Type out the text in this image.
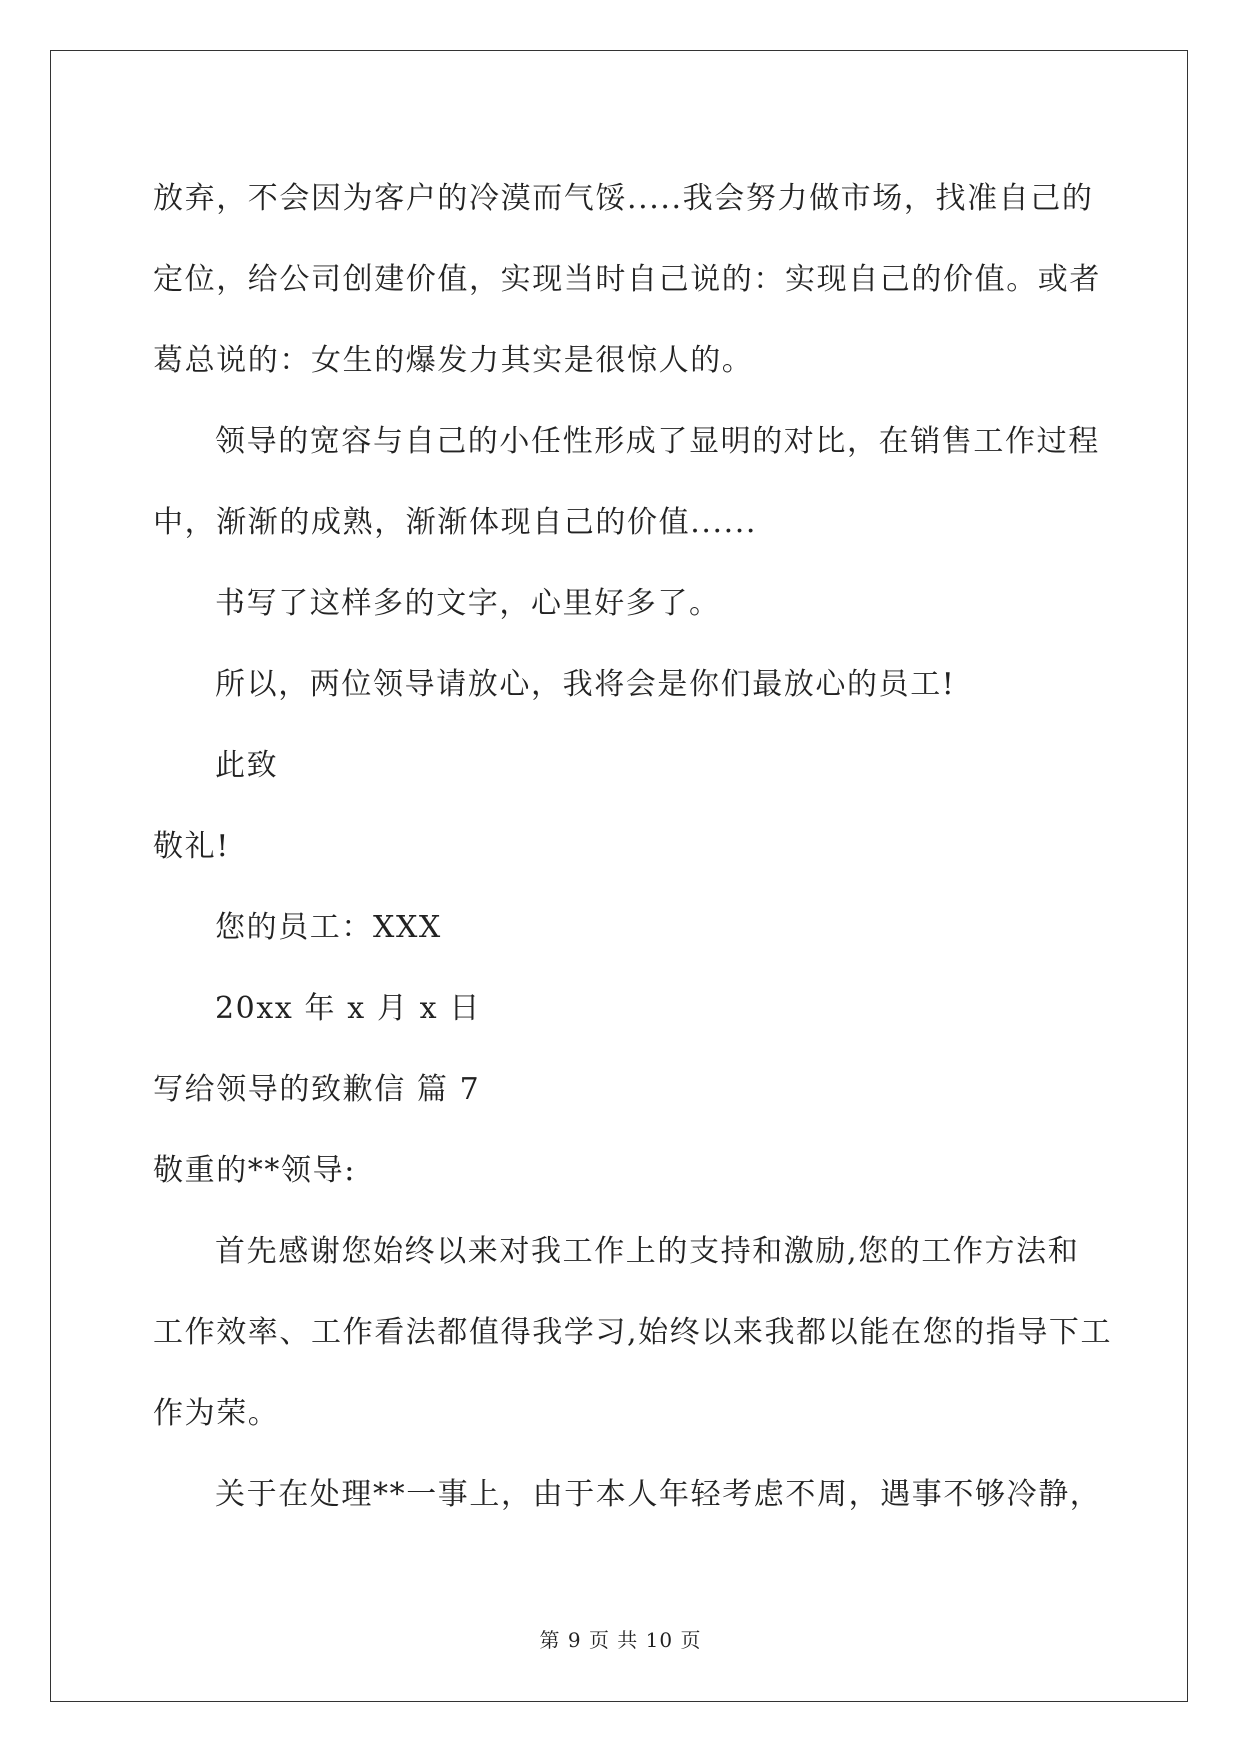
放弃，不会因为客户的冷漠而气馁.....我会努力做市场，找准自己的
定位，给公司创建价值，实现当时自己说的：实现自己的价值。或者
葛总说的：女生的爆发力其实是很惊人的。
领导的宽容与自己的小任性形成了显明的对比，在销售工作过程
中，渐渐的成熟，渐渐体现自己的价值......
书写了这样多的文字，心里好多了。
所以，两位领导请放心，我将会是你们最放心的员工!
此致
敬礼!
您的员工：XXX
20xx 年 x 月 x 日
写给领导的致歉信 篇 7
敬重的**领导:
首先感谢您始终以来对我工作上的支持和激励,您的工作方法和
工作效率、工作看法都值得我学习,始终以来我都以能在您的指导下工
作为荣。
关于在处理**一事上，由于本人年轻考虑不周，遇事不够冷静，
第 9 页 共 10 页
